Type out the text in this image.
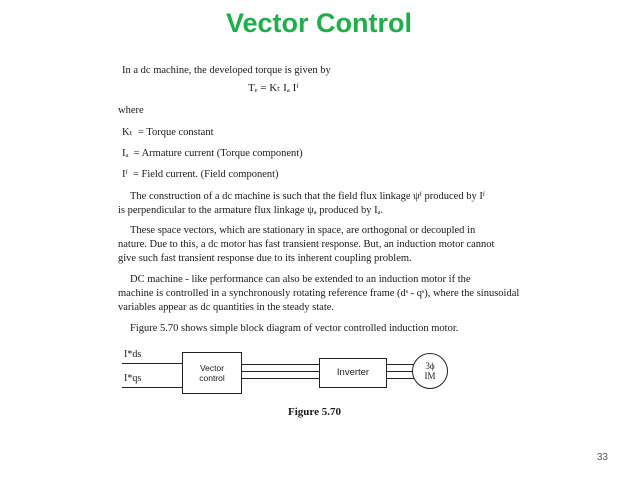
Vector Control
In a dc machine, the developed torque is given by
Tₑ = Kₜ Iₐ Iᶠ
where
Kₜ = Torque constant
Iₐ = Armature current (Torque component)
Iᶠ = Field current. (Field component)
The construction of a dc machine is such that the field flux linkage ψᶠ produced by Iᶠ
is perpendicular to the armature flux linkage ψₐ produced by Iₐ.
These space vectors, which are stationary in space, are orthogonal or decoupled in
nature. Due to this, a dc motor has fast transient response. But, an induction motor cannot
give such fast transient response due to its inherent coupling problem.
DC machine - like performance can also be extended to an induction motor if the
machine is controlled in a synchronously rotating reference frame (dˢ - qˢ), where the sinusoidal
variables appear as dc quantities in the steady state.
Figure 5.70 shows simple block diagram of vector controlled induction motor.
I*ds
I*qs
Vector
control	Inverter
3ϕ
IM
Figure 5.70
33
